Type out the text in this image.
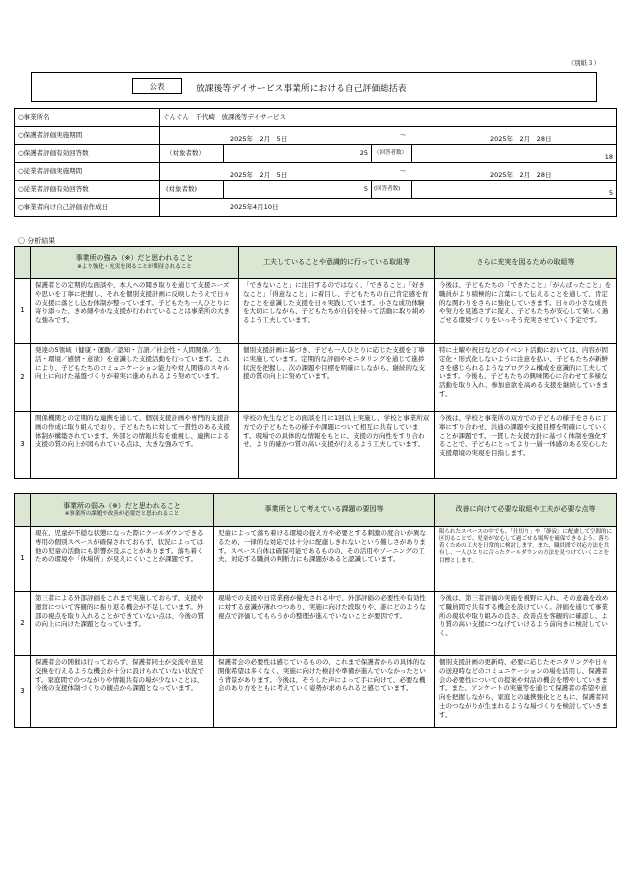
（別紙３）
公表	放課後等デイサービス事業所における自己評価総括表
○事業所名	ぐんぐん　千代崎　放課後等デイサービス			
○保護者評価実施期間	2025年　2月　5日 ～ 2025年　2月　28日			

○保護者評価有効回答数	（対象者数）	25	（回答者数）	18
○従業者評価実施期間	2025年　2月　5日 ～ 2025年　2月　28日			

○従業者評価有効回答数	(対象者数)	5	(回答者数)	5
○事業者向け自己評価表作成日	2025年4月10日			
〇 分析結果

	事業所の強み（※）だと思われること
※より強化・充実を図ることが期待されること	工夫していることや意識的に行っている取組等	さらに充実を図るための取組等
1	保護者との定期的な面談や、本人への聞き取りを通じて支援ニーズや思いを丁寧に把握し、それを個別支援計画に反映したうえで日々の支援に落とし込む体制が整っています。子どもたち一人ひとりに寄り添った、きめ細やかな支援が行われていることは事業所の大きな強みです。	「できないこと」に注目するのではなく、「できること」「好きなこと」「得意なこと」に着目し、子どもたちの自己肯定感を育むことを意識した支援を日々実践しています。小さな成功体験を大切にしながら、子どもたちが自信を持って活動に取り組めるよう工夫しています。	今後は、子どもたちの「できたこと」「がんばったこと」を職員がより積極的に言葉にして伝えることを通して、肯定的な関わりをさらに強化していきます。日々の小さな成長や努力を見逃さずに捉え、子どもたちが安心して楽しく過ごせる環境づくりをいっそう充実させていく予定です。
2	発達の5領域（健康・運動／認知・言語／社会性・人間関係／生活・環境／感情・意欲）を意識した支援活動を行っています。これにより、子どもたちのコミュニケーション能力や対人関係のスキル向上に向けた基盤づくりが着実に進められるよう努めています。	個別支援計画に基づき、子ども一人ひとりに応じた支援を丁寧に実施しています。定期的な評価やモニタリングを通じて進捗状況を把握し、次の課題や目標を明確にしながら、継続的な支援の質の向上に努めています。	特に土曜や祝日などのイベント活動においては、内容が固定化・形式化しないように注意を払い、子どもたちが新鮮さを感じられるようなプログラム構成を意識的に工夫しています。今後も、子どもたちの興味関心に合わせて多様な活動を取り入れ、参加意欲を高める支援を継続していきます。
3	関係機関との定期的な連携を通して、個別支援計画や専門的支援計画の作成に取り組んでおり、子どもたちに対して一貫性のある支援体制が構築されています。外部との情報共有を重視し、連携による支援の質の向上が図られている点は、大きな強みです。	学校の先生などとの面談を月に1回以上実施し、学校と事業所双方での子どもたちの様子や課題について相互に共有しています。現場での具体的な情報をもとに、支援の方向性をすり合わせ、より的確かつ質の高い支援が行えるよう工夫しています。	今後は、学校と事業所の双方での子どもの様子をさらに丁寧にすり合わせ、共通の課題や支援目標を明確にしていくことが課題です。一貫した支援方針に基づく体制を強化することで、子どもにとってより一層一体感のある安心した支援環境の実現を目指します。

	事業所の弱み（※）だと思われること
※事業所の課題や改善が必要だと思われること	事業所として考えている課題の要因等	改善に向けて必要な取組や工夫が必要な点等
1	現在、児童が不穏な状態になった際にクールダウンできる専用の個別スペースが確保されておらず、状況によっては他の児童の活動にも影響が及ぶことがあります。落ち着くための環境や「休場所」が見えにくいことが課題です。	児童によって落ち着ける環境の捉え方や必要とする刺激の度合いが異なるため、一律的な対応では十分に配慮しきれないという難しさがあります。スペース自体は確保可能であるものの、その活用やゾーニングの工夫、対応する職員の判断力にも課題があると認識しています。	限られたスペースの中でも、「仕切り」や「静寂」に配慮して空間的に区切ることで、児童が安心して過ごせる場所を確保できるよう、落ち着くための工夫を日常的に検討します。また、職員間で対応方法を共有し、一人ひとりに合ったクールダウンの方法を見つけていくことを目標とします。
2	第三者による外部評価をこれまで実施しておらず、支援や運営について客観的に振り返る機会が不足しています。外部の視点を取り入れることができていない点は、今後の質の向上に向けた課題となっています。	現場での支援や日常業務が優先される中で、外部評価の必要性や有効性に対する意識が薄れつつあり、実施に向けた段取りや、誰にどのような視点で評価してもらうかの整理が進んでいないことが要因です。	今後は、第三者評価の実施を視野に入れ、その意義を改めて職員間で共有する機会を設けていく。評価を通じて事業所の現状や取り組みの良さ、改善点を客観的に確認し、より質の高い支援につなげていけるよう前向きに検討していく。
3	保護者会の開催は行っておらず、保護者同士が交流や意見交換を行えるような機会が十分に設けられていない状況です。家庭間でのつながりや情報共有の場が少ないことは、今後の支援体制づくりの観点から課題となっています。	保護者会の必要性は感じているものの、これまで保護者からの具体的な開催希望は多くなく、実施に向けた検討や準備が進んでいなかったという背景があります。今後は、そうした声によって手に向けて、必要な機会のあり方をともに考えていく姿勢が求められると感じています。	個別支援計画の更新時、必要に応じたモニタリングや日々の送迎時などのコミュニケーションの場を活用し、保護者会の必要性についての提案や対話の機会を増やしていきます。また、アンケートの実施等を通じて保護者の希望や意向を把握しながら、家庭との連携強化とともに、保護者同士のつながりが生まれるような場づくりを検討していきます。
